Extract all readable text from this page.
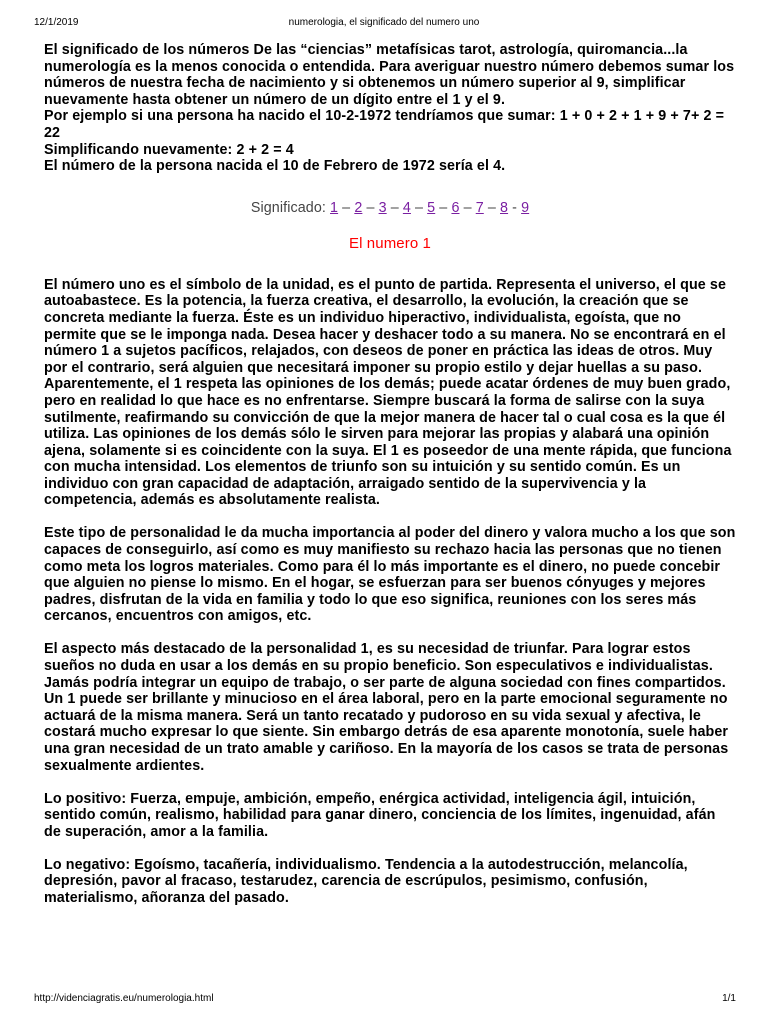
12/1/2019	numerologia, el significado del numero uno

El significado de los números De las “ciencias” metafísicas tarot, astrología, quiromancia...la numerología es la menos conocida o entendida. Para averiguar nuestro número debemos sumar los números de nuestra fecha de nacimiento y si obtenemos un número superior al 9, simplificar nuevamente hasta obtener un número de un dígito entre el 1 y el 9.

Por ejemplo si una persona ha nacido el 10-2-1972 tendríamos que sumar: 1 + 0 + 2 + 1 + 9 + 7+ 2 = 22

Simplificando nuevamente: 2 + 2 = 4

El número de la persona nacida el 10 de Febrero de 1972 sería el 4.

Significado: 1 – 2 – 3 – 4 – 5 – 6 – 7 – 8 - 9
El numero 1

El número uno es el símbolo de la unidad, es el punto de partida. Representa el universo, el que se autoabastece. Es la potencia, la fuerza creativa, el desarrollo, la evolución, la creación que se concreta mediante la fuerza. Éste es un individuo hiperactivo, individualista, egoísta, que no permite que se le imponga nada. Desea hacer y deshacer todo a su manera. No se encontrará en el número 1 a sujetos pacíficos, relajados, con deseos de poner en práctica las ideas de otros. Muy por el contrario, será alguien que necesitará imponer su propio estilo y dejar huellas a su paso. Aparentemente, el 1 respeta las opiniones de los demás; puede acatar órdenes de muy buen grado, pero en realidad lo que hace es no enfrentarse. Siempre buscará la forma de salirse con la suya sutilmente, reafirmando su convicción de que la mejor manera de hacer tal o cual cosa es la que él utiliza. Las opiniones de los demás sólo le sirven para mejorar las propias y alabará una opinión ajena, solamente si es coincidente con la suya. El 1 es poseedor de una mente rápida, que funciona con mucha intensidad. Los elementos de triunfo son su intuición y su sentido común. Es un individuo con gran capacidad de adaptación, arraigado sentido de la supervivencia y la competencia, además es absolutamente realista.

Este tipo de personalidad le da mucha importancia al poder del dinero y valora mucho a los que son capaces de conseguirlo, así como es muy manifiesto su rechazo hacia las personas que no tienen como meta los logros materiales. Como para él lo más importante es el dinero, no puede concebir que alguien no piense lo mismo. En el hogar, se esfuerzan para ser buenos cónyuges y mejores padres, disfrutan de la vida en familia y todo lo que eso significa, reuniones con los seres más cercanos, encuentros con amigos, etc.

El aspecto más destacado de la personalidad 1, es su necesidad de triunfar. Para lograr estos sueños no duda en usar a los demás en su propio beneficio. Son especulativos e individualistas. Jamás podría integrar un equipo de trabajo, o ser parte de alguna sociedad con fines compartidos. Un 1 puede ser brillante y minucioso en el área laboral, pero en la parte emocional seguramente no actuará de la misma manera. Será un tanto recatado y pudoroso en su vida sexual y afectiva, le costará mucho expresar lo que siente. Sin embargo detrás de esa aparente monotonía, suele haber una gran necesidad de un trato amable y cariñoso. En la mayoría de los casos se trata de personas sexualmente ardientes.

Lo positivo: Fuerza, empuje, ambición, empeño, enérgica actividad, inteligencia ágil, intuición, sentido común, realismo, habilidad para ganar dinero, conciencia de los límites, ingenuidad, afán de superación, amor a la familia.

Lo negativo: Egoísmo, tacañería, individualismo. Tendencia a la autodestrucción, melancolía, depresión, pavor al fracaso, testarudez, carencia de escrúpulos, pesimismo, confusión, materialismo, añoranza del pasado.

http://videnciagratis.eu/numerologia.html	1/1
